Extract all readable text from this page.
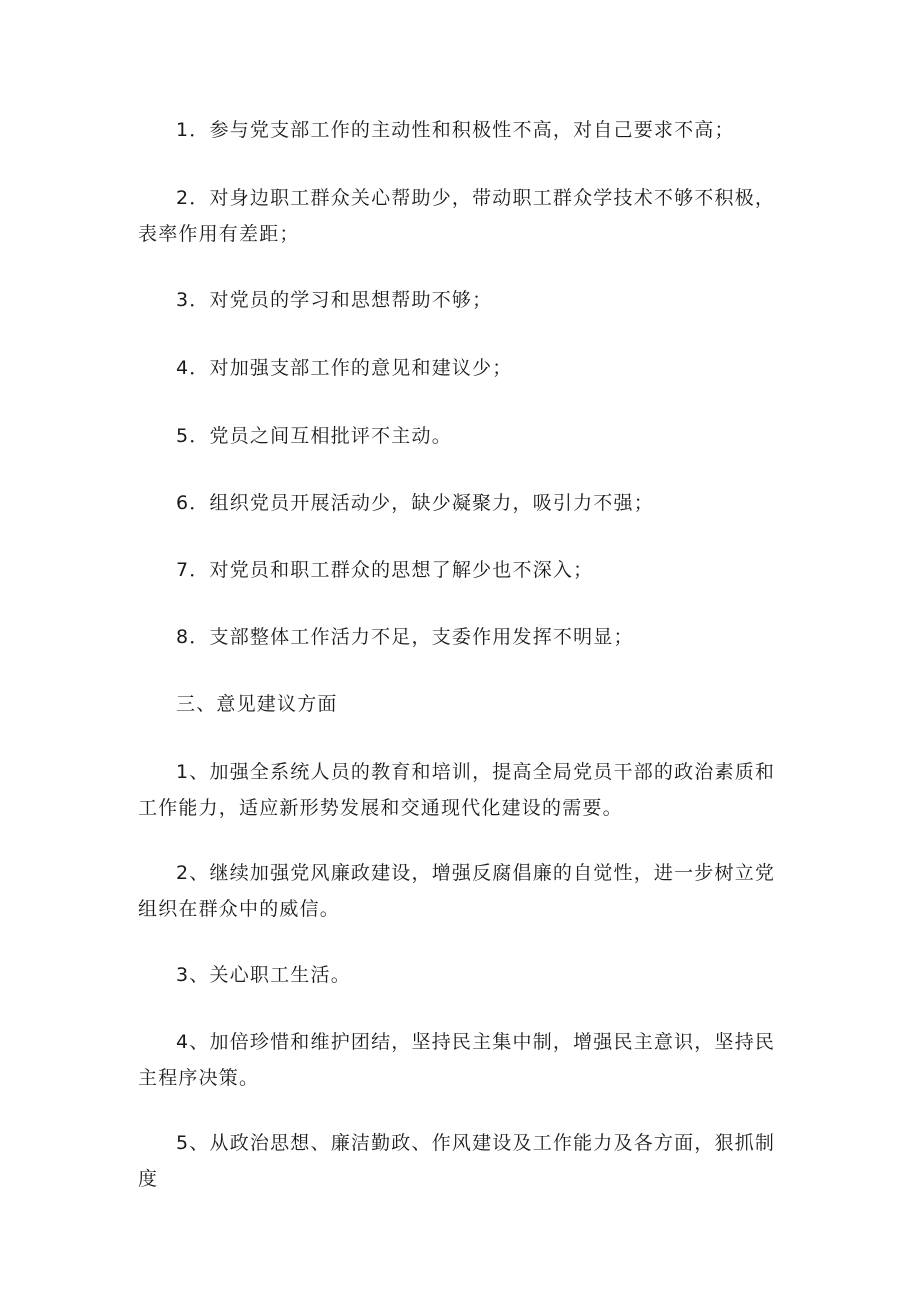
1．参与党支部工作的主动性和积极性不高，对自己要求不高；

2．对身边职工群众关心帮助少，带动职工群众学技术不够不积极，表率作用有差距；

3．对党员的学习和思想帮助不够；

4．对加强支部工作的意见和建议少；

5．党员之间互相批评不主动。

6．组织党员开展活动少，缺少凝聚力，吸引力不强；

7．对党员和职工群众的思想了解少也不深入；

8．支部整体工作活力不足，支委作用发挥不明显；

三、意见建议方面

1、加强全系统人员的教育和培训，提高全局党员干部的政治素质和工作能力，适应新形势发展和交通现代化建设的需要。

2、继续加强党风廉政建设，增强反腐倡廉的自觉性，进一步树立党组织在群众中的威信。

3、关心职工生活。

4、加倍珍惜和维护团结，坚持民主集中制，增强民主意识，坚持民主程序决策。

5、从政治思想、廉洁勤政、作风建设及工作能力及各方面，狠抓制度
